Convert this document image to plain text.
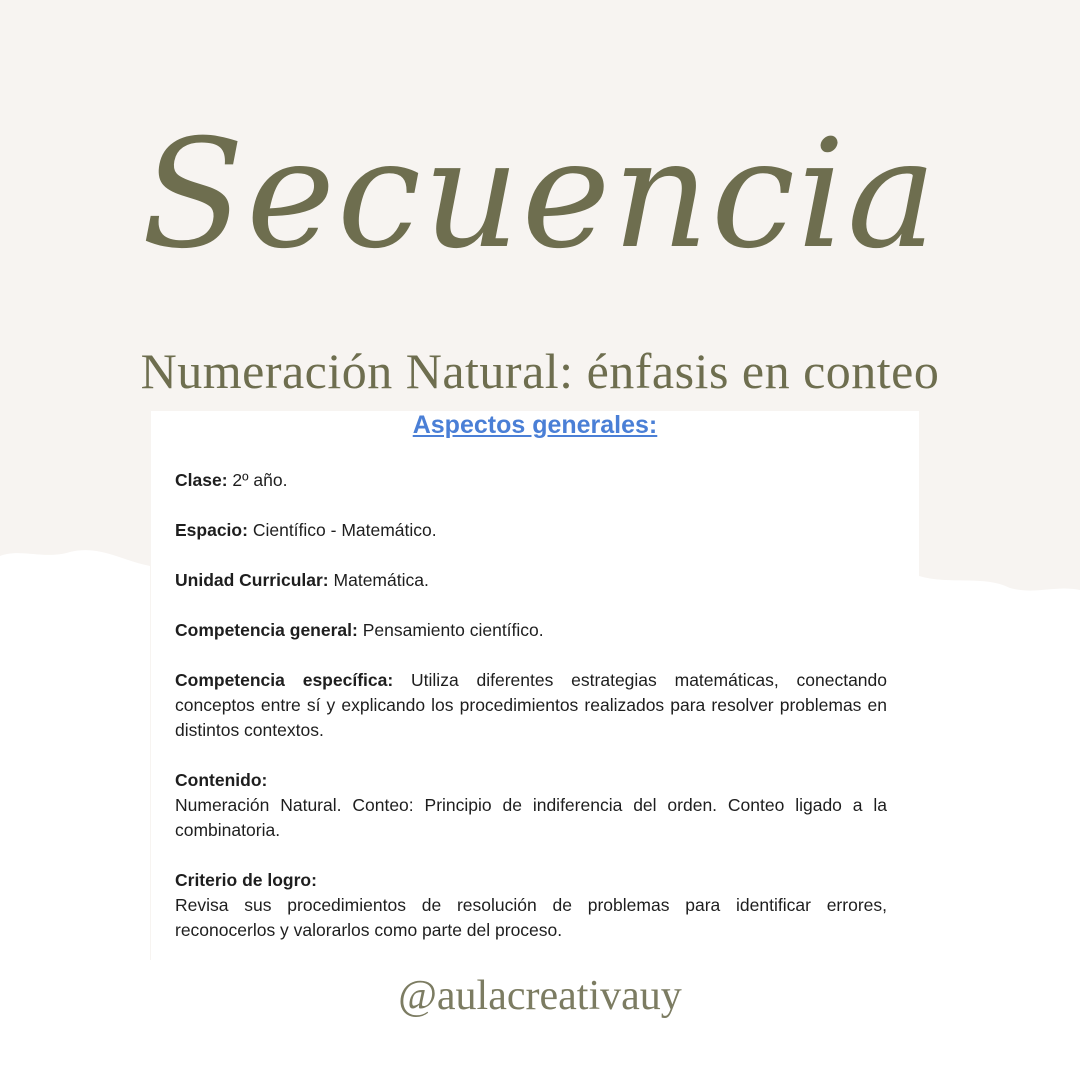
Secuencia
Numeración Natural: énfasis en conteo
Aspectos generales:
Clase: 2º año.
Espacio: Científico - Matemático.
Unidad Curricular: Matemática.
Competencia general: Pensamiento científico.
Competencia específica: Utiliza diferentes estrategias matemáticas, conectando conceptos entre sí y explicando los procedimientos realizados para resolver problemas en distintos contextos.
Contenido:
Numeración Natural. Conteo: Principio de indiferencia del orden. Conteo ligado a la combinatoria.
Criterio de logro:
Revisa sus procedimientos de resolución de problemas para identificar errores, reconocerlos y valorarlos como parte del proceso.
@aulacreativauy
